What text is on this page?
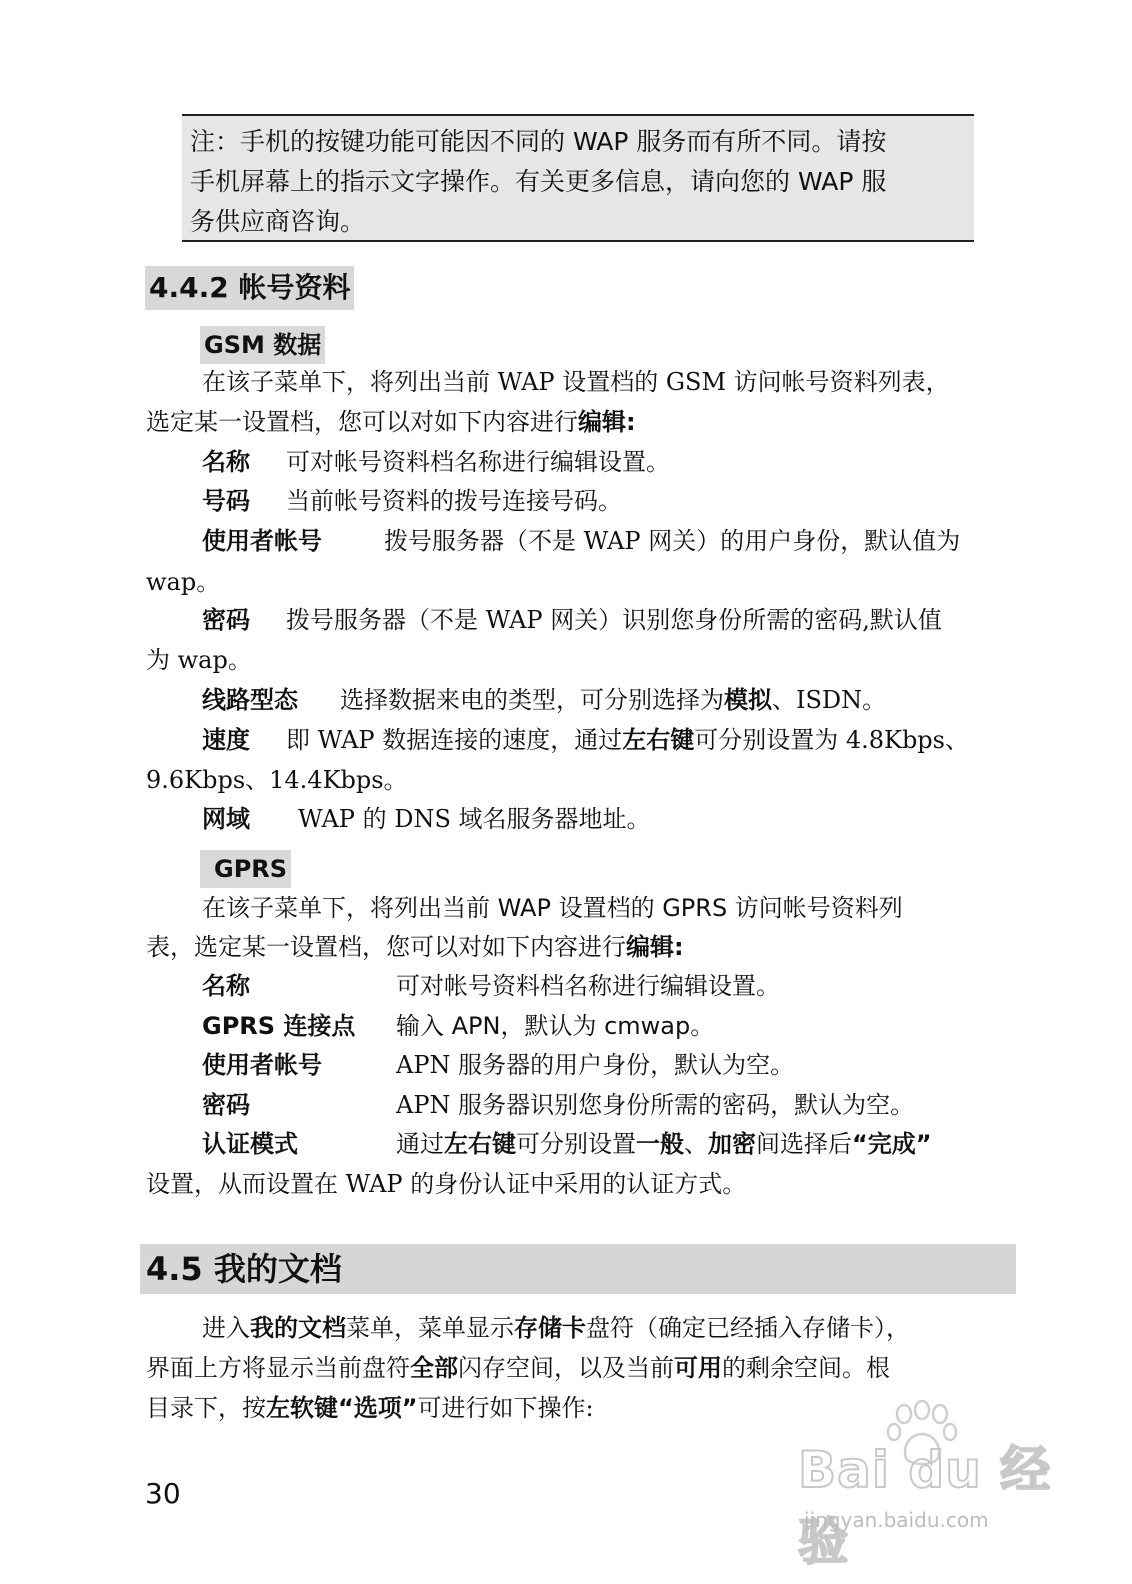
注：手机的按键功能可能因不同的 WAP 服务而有所不同。请按
手机屏幕上的指示文字操作。有关更多信息，请向您的 WAP 服
务供应商咨询。
4.4.2 帐号资料
GSM 数据
在该子菜单下，将列出当前 WAP 设置档的 GSM 访问帐号资料列表，
选定某一设置档，您可以对如下内容进行编辑:
名称 可对帐号资料档名称进行编辑设置。
号码 当前帐号资料的拨号连接号码。
使用者帐号	拨号服务器（不是 WAP 网关）的用户身份，默认值为
wap。
密码 拨号服务器（不是 WAP 网关）识别您身份所需的密码,默认值
为 wap。
线路型态 选择数据来电的类型，可分别选择为模拟、ISDN。
速度 即 WAP 数据连接的速度，通过左右键可分别设置为 4.8Kbps、
9.6Kbps、14.4Kbps。
网域 WAP 的 DNS 域名服务器地址。
GPRS
在该子菜单下，将列出当前 WAP 设置档的 GPRS 访问帐号资料列
表，选定某一设置档，您可以对如下内容进行编辑:
名称	可对帐号资料档名称进行编辑设置。
GPRS 连接点 输入 APN，默认为 cmwap。
使用者帐号	APN 服务器的用户身份，默认为空。
密码	APN 服务器识别您身份所需的密码，默认为空。
认证模式	通过左右键可分别设置一般、加密间选择后“完成”
设置，从而设置在 WAP 的身份认证中采用的认证方式。
4.5 我的文档
进入我的文档菜单，菜单显示存储卡盘符（确定已经插入存储卡），
界面上方将显示当前盘符全部闪存空间，以及当前可用的剩余空间。根
目录下，按左软键“选项”可进行如下操作:
30	Bai du 经验
jingyan.baidu.com
